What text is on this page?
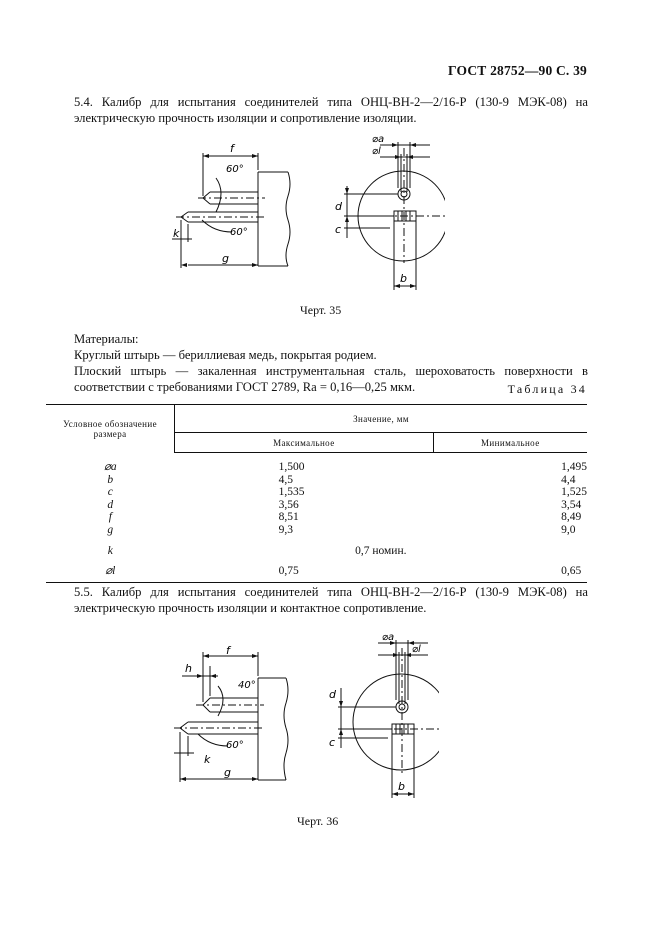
ГОСТ 28752—90 С. 39
5.4. Калибр для испытания соединителей типа ОНЦ-ВН-2—2/16-Р (130-9 МЭК-08) на электрическую прочность изоляции и сопротивление изоляции.
f
60°
60°
k
g
⌀a
⌀l
d
c
b
Черт. 35
Материалы:
Круглый штырь — бериллиевая медь, покрытая родием.
Плоский штырь — закаленная инструментальная сталь, шероховатость поверхности в соответствии с требованиями ГОСТ 2789, Ra = 0,16—0,25 мкм.	Таблица 34
Условное обозначение размера	Значение, мм	
	Максимальное	Минимальное

⌀a	1,500	1,495
b	4,5	4,4
c	1,535	1,525
d	3,56	3,54
f	8,51	8,49
g	9,3	9,0

k	0,7 номин.	

⌀l	0,75	0,65
5.5. Калибр для испытания соединителей типа ОНЦ-ВН-2—2/16-Р (130-9 МЭК-08) на электрическую прочность изоляции и контактное сопротивление.
h
f
40°
60°
k
g
⌀a
⌀l
d
c
b
Черт. 36
